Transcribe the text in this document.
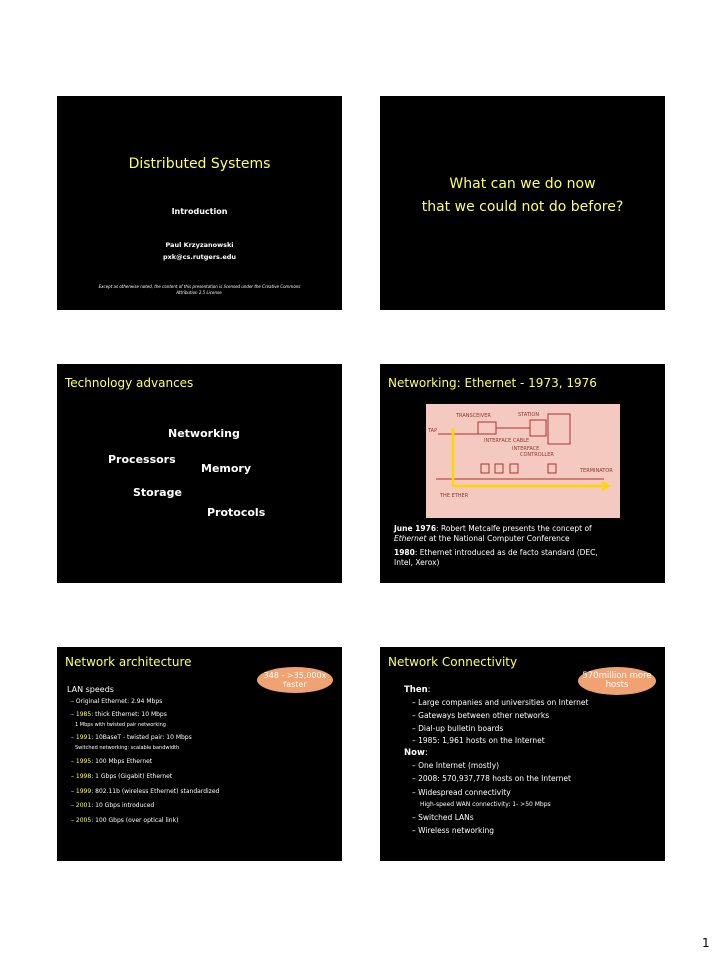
Distributed Systems
Introduction
Paul Krzyzanowski
pxk@cs.rutgers.edu
Except as otherwise noted, the content of this presentation is licensed under the Creative Commons
Attribution 2.5 License.
What can we do now
that we could not do before?
Technology advances
Networking
Processors
Memory
Storage
Protocols
Networking: Ethernet - 1973, 1976
STATION
TRANSCEIVER
TAP
INTERFACE CABLE
INTERFACE
CONTROLLER
TERMINATOR
THE ETHER
June 1976: Robert Metcalfe presents the concept of
Ethernet at the National Computer Conference
1980: Ethernet introduced as de facto standard (DEC,
Intel, Xerox)
Network architecture
348 - >35,000x faster
LAN speeds
– Original Ethernet: 2.94 Mbps
– 1985: thick Ethernet: 10 Mbps
1 Mbps with twisted pair networking
– 1991: 10BaseT - twisted pair: 10 Mbps
Switched networking: scalable bandwidth
– 1995: 100 Mbps Ethernet
– 1998: 1 Gbps (Gigabit) Ethernet
– 1999: 802.11b (wireless Ethernet) standardized
– 2001: 10 Gbps introduced
– 2005: 100 Gbps (over optical link)
Network Connectivity
570million more hosts
Then:
– Large companies and universities on Internet
– Gateways between other networks
– Dial-up bulletin boards
– 1985: 1,961 hosts on the Internet
Now:
– One Internet (mostly)
– 2008: 570,937,778 hosts on the Internet
– Widespread connectivity
High-speed WAN connectivity: 1- >50 Mbps
– Switched LANs
– Wireless networking
1
